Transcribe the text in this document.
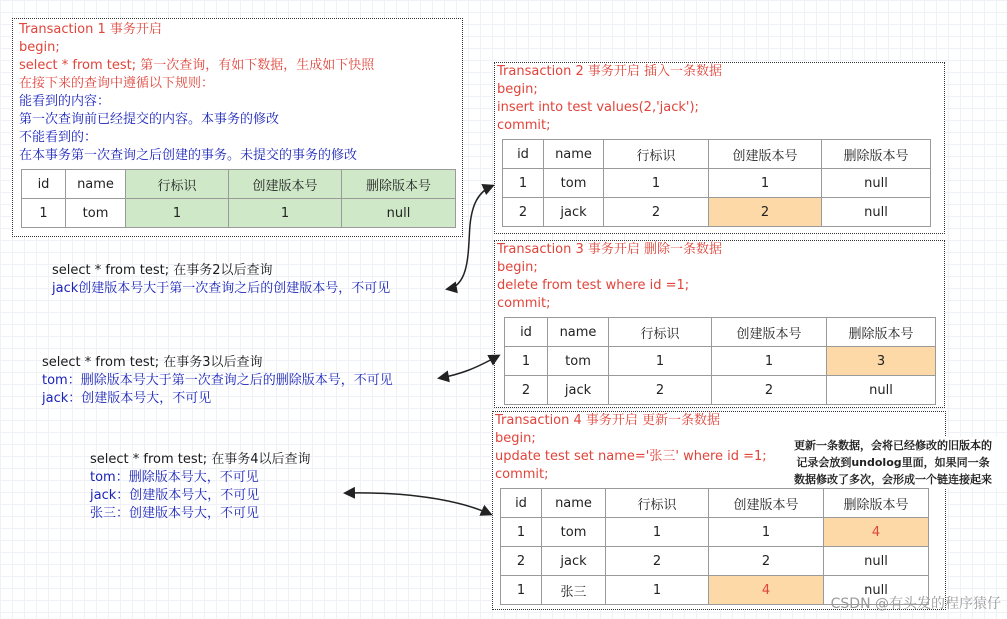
Transaction 1 事务开启
begin;
select * from test; 第一次查询，有如下数据，生成如下快照
在接下来的查询中遵循以下规则：
能看到的内容：
第一次查询前已经提交的内容。本事务的修改
不能看到的：
在本事务第一次查询之后创建的事务。未提交的事务的修改
id	name	行标识	创建版本号	删除版本号
1	tom	1	1	null
Transaction 2 事务开启 插入一条数据
begin;
insert into test values(2,'jack');
commit;
id	name	行标识	创建版本号	删除版本号
1	tom	1	1	null
2	jack	2	2	null
Transaction 3 事务开启 删除一条数据
begin;
delete from test where id =1;
commit;
id	name	行标识	创建版本号	删除版本号
1	tom	1	1	3
2	jack	2	2	null
Transaction 4 事务开启 更新一条数据
begin;
update test set name='张三' where id =1;
commit;
id	name	行标识	创建版本号	删除版本号
1	tom	1	1	4
2	jack	2	2	null
1	张三	1	4	null
更新一条数据，会将已经修改的旧版本的
记录会放到undolog里面，如果同一条
数据修改了多次，会形成一个链连接起来
select * from test; 在事务2以后查询
jack创建版本号大于第一次查询之后的创建版本号，不可见
select * from test; 在事务3以后查询
tom：删除版本号大于第一次查询之后的删除版本号，不可见
jack：创建版本号大，不可见
select * from test; 在事务4以后查询
tom：删除版本号大，不可见
jack：创建版本号大，不可见
张三：创建版本号大，不可见
CSDN @有头发的程序猿仔
